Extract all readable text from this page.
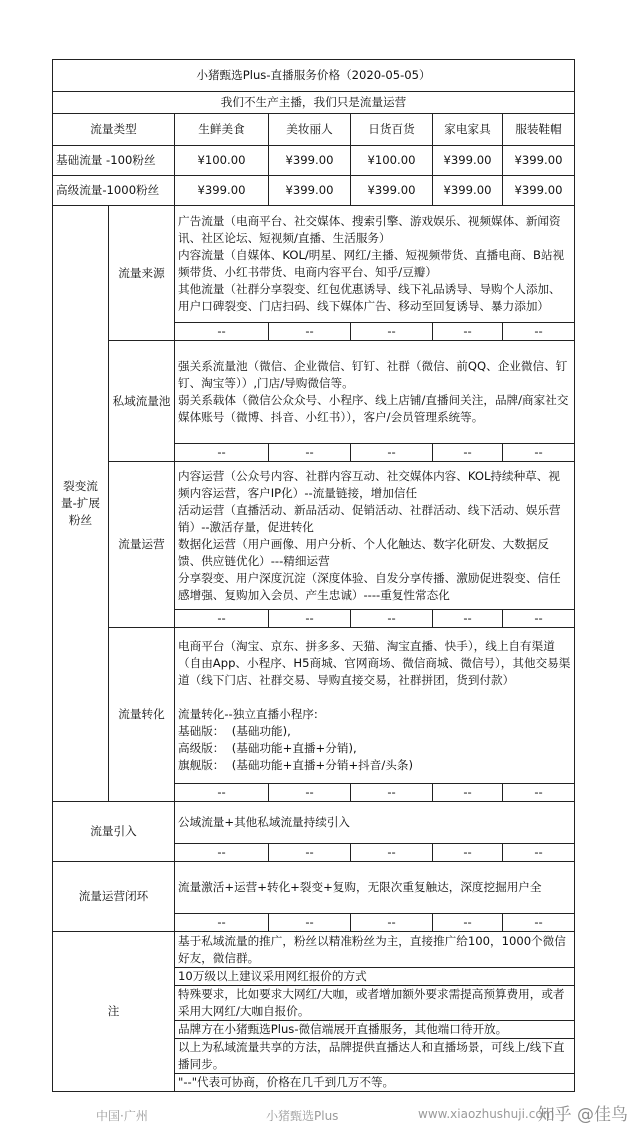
小猪甄选Plus-直播服务价格（2020-05-05）						
我们不生产主播，我们只是流量运营						
流量类型		生鲜美食	美妆丽人	日货百货	家电家具	服装鞋帽
基础流量 -100粉丝		¥100.00	¥399.00	¥100.00	¥399.00	¥399.00
高级流量-1000粉丝		¥399.00	¥399.00	¥399.00	¥399.00	¥399.00
裂变流量-扩展粉丝	流量来源	广告流量（电商平台、社交媒体、搜索引擎、游戏娱乐、视频媒体、新闻资讯、社区论坛、短视频/直播、生活服务）
内容流量（自媒体、KOL/明星、网红/主播、短视频带货、直播电商、B站视频带货、小红书带货、电商内容平台、知乎/豆瓣）
其他流量（社群分享裂变、红包优惠诱导、线下礼品诱导、导购个人添加、用户口碑裂变、门店扫码、线下媒体广告、移动至回复诱导、暴力添加）				
		--	--	--	--	--
	私域流量池	强关系流量池（微信、企业微信、钉钉、社群（微信、前QQ、企业微信、钉钉、淘宝等））,门店/导购微信等。
弱关系载体（微信公众众号、小程序、线上店铺/直播间关注，品牌/商家社交媒体账号（微博、抖音、小红书）），客户/会员管理系统等。				
		--	--	--	--	--
	流量运营	内容运营（公众号内容、社群内容互动、社交媒体内容、KOL持续种草、视频内容运营，客户IP化）--流量链接，增加信任
活动运营（直播活动、新品活动、促销活动、社群活动、线下活动、娱乐营销）--激活存量，促进转化
数据化运营（用户画像、用户分析、个人化触达、数字化研发、大数据反馈、供应链优化）---精细运营
分享裂变、用户深度沉淀（深度体验、自发分享传播、激励促进裂变、信任感增强、复购加入会员、产生忠诚）----重复性常态化				
		--	--	--	--	--
	流量转化	电商平台（淘宝、京东、拼多多、天猫、淘宝直播、快手），线上自有渠道（自由App、小程序、H5商城、官网商场、微信商城、微信号），其他交易渠道（线下门店、社群交易、导购直接交易，社群拼团，货到付款）

流量转化--独立直播小程序:
基础版：  (基础功能),
高级版：  (基础功能+直播+分销),
旗舰版：  (基础功能+直播+分销+抖音/头条)				
		--	--	--	--	--
流量引入		公域流量+其他私域流量持续引入				
		--	--	--	--	--
流量运营闭环		流量激活+运营+转化+裂变+复购，无限次重复触达，深度挖掘用户全				
		--	--	--	--	--
注		基于私域流量的推广，粉丝以精准粉丝为主，直接推广给100，1000个微信好友，微信群。				
		10万级以上建议采用网红报价的方式				
		特殊要求，比如要求大网红/大咖，或者增加额外要求需提高预算费用，或者采用大网红/大咖自报价。				
		品牌方在小猪甄选Plus-微信端展开直播服务，其他端口待开放。				
		以上为私域流量共享的方法，品牌提供直播达人和直播场景，可线上/线下直播同步。				
		"--"代表可协商，价格在几千到几万不等。				
中国·广州	小猪甄选Plus	www.xiaozhushuji.com
知乎 @佳鸟
